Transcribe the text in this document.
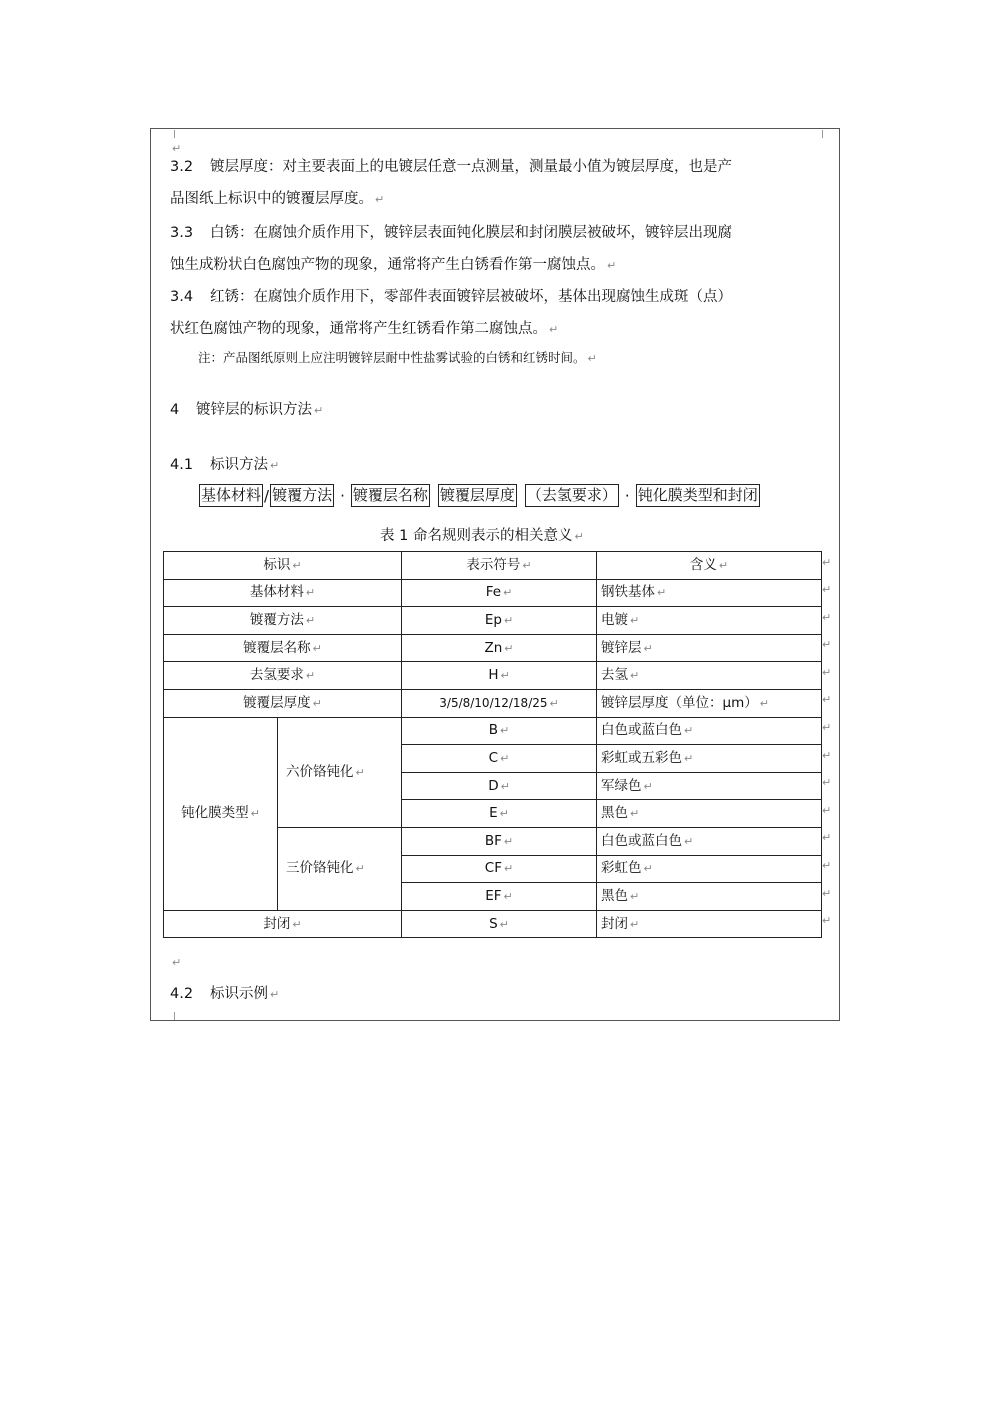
↵
3.2 镀层厚度：对主要表面上的电镀层任意一点测量，测量最小值为镀层厚度，也是产
品图纸上标识中的镀覆层厚度。 ↵
3.3 白锈：在腐蚀介质作用下，镀锌层表面钝化膜层和封闭膜层被破坏，镀锌层出现腐
蚀生成粉状白色腐蚀产物的现象，通常将产生白锈看作第一腐蚀点。 ↵
3.4 红锈：在腐蚀介质作用下，零部件表面镀锌层被破坏，基体出现腐蚀生成斑（点）
状红色腐蚀产物的现象，通常将产生红锈看作第二腐蚀点。 ↵
注：产品图纸原则上应注明镀锌层耐中性盐雾试验的白锈和红锈时间。 ↵
4 镀锌层的标识方法 ↵
4.1 标识方法 ↵
基体材料 / 镀覆方法 · 镀覆层名称 镀覆层厚度 （去氢要求） · 钝化膜类型和封闭
表 1 命名规则表示的相关意义 ↵
标识 ↵		表示符号 ↵	含义 ↵
基体材料 ↵		Fe ↵	钢铁基体 ↵
镀覆方法 ↵		Ep ↵	电镀 ↵
镀覆层名称 ↵		Zn ↵	镀锌层 ↵
去氢要求 ↵		H ↵	去氢 ↵
镀覆层厚度 ↵		3/5/8/10/12/18/25 ↵	镀锌层厚度（单位：μm） ↵
钝化膜类型 ↵	六价铬钝化 ↵	B ↵	白色或蓝白色 ↵
		C ↵	彩虹或五彩色 ↵
		D ↵	军绿色 ↵
		E ↵	黑色 ↵
	三价铬钝化 ↵	BF ↵	白色或蓝白色 ↵
		CF ↵	彩虹色 ↵
		EF ↵	黑色 ↵
封闭 ↵		S ↵	封闭 ↵
↵
↵
↵
↵
↵
↵
↵
↵
↵
↵
↵
↵
↵
↵
↵
4.2 标识示例 ↵
